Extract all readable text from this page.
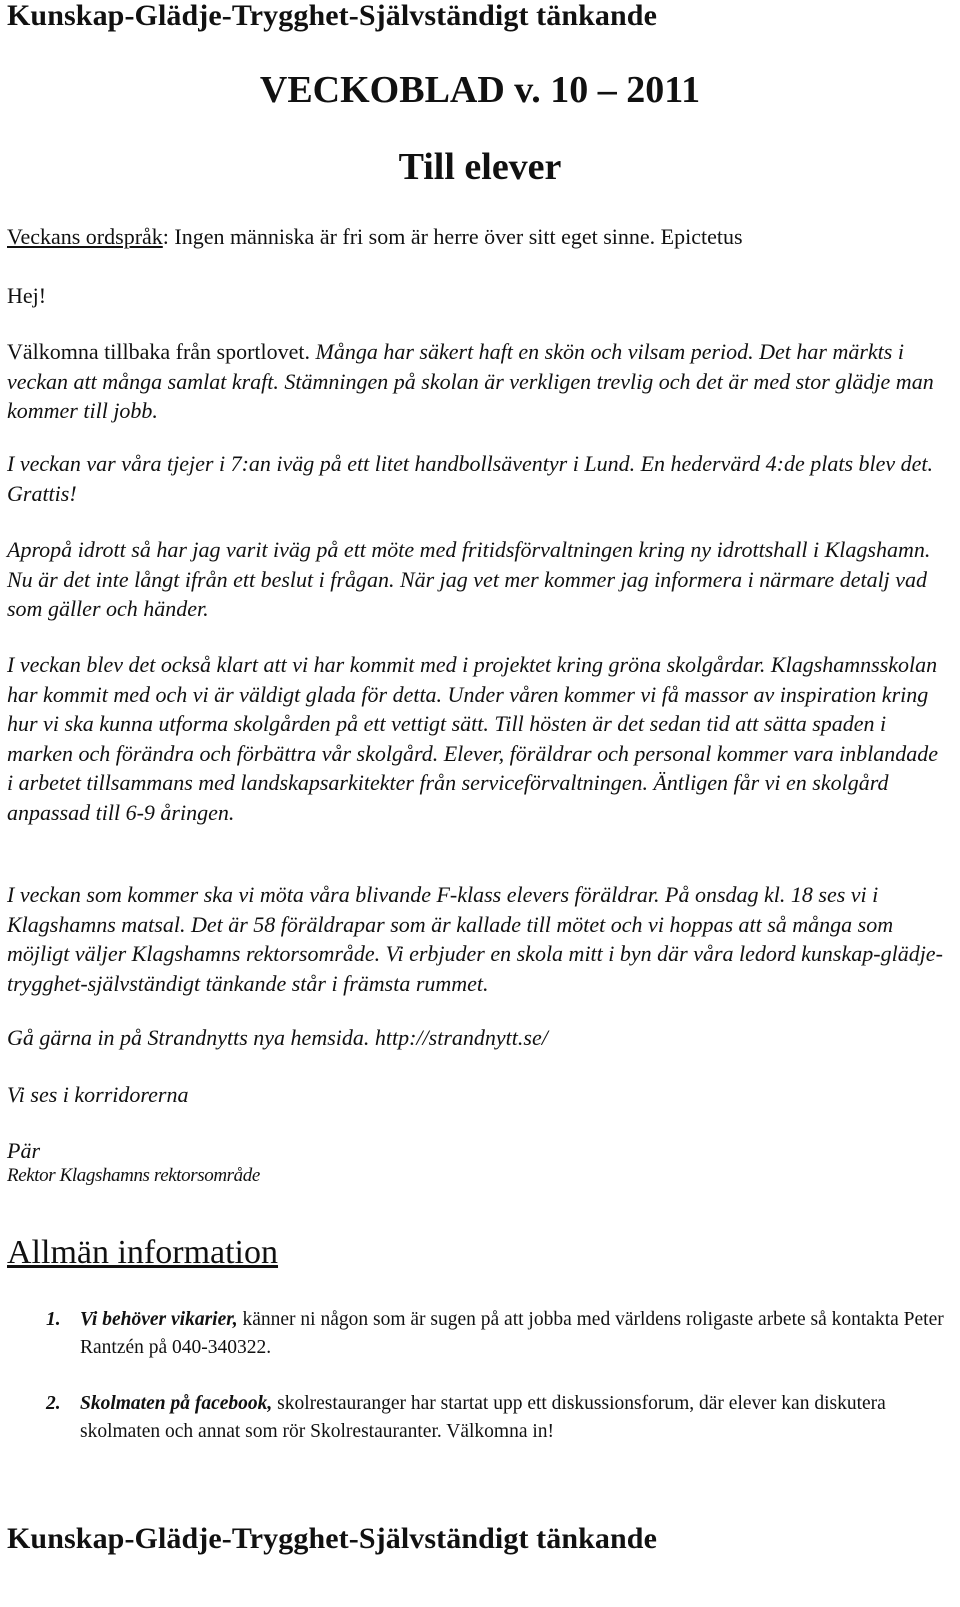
Kunskap-Glädje-Trygghet-Självständigt tänkande
VECKOBLAD v. 10 – 2011
Till elever
Veckans ordspråk: Ingen människa är fri som är herre över sitt eget sinne. Epictetus
Hej!
Välkomna tillbaka från sportlovet. Många har säkert haft en skön och vilsam period. Det har märkts i veckan att många samlat kraft. Stämningen på skolan är verkligen trevlig och det är med stor glädje man kommer till jobb.
I veckan var våra tjejer i 7:an iväg på ett litet handbollsäventyr i Lund. En hedervärd 4:de plats blev det. Grattis!
Apropå idrott så har jag varit iväg på ett möte med fritidsförvaltningen kring ny idrottshall i Klagshamn. Nu är det inte långt ifrån ett beslut i frågan. När jag vet mer kommer jag informera i närmare detalj vad som gäller och händer.
I veckan blev det också klart att vi har kommit med i projektet kring gröna skolgårdar. Klagshamnsskolan har kommit med och vi är väldigt glada för detta. Under våren kommer vi få massor av inspiration kring hur vi ska kunna utforma skolgården på ett vettigt sätt. Till hösten är det sedan tid att sätta spaden i marken och förändra och förbättra vår skolgård. Elever, föräldrar och personal kommer vara inblandade i arbetet tillsammans med landskapsarkitekter från serviceförvaltningen. Äntligen får vi en skolgård anpassad till 6-9 åringen.
I veckan som kommer ska vi möta våra blivande F-klass elevers föräldrar. På onsdag kl. 18 ses vi i Klagshamns matsal. Det är 58 föräldrapar som är kallade till mötet och vi hoppas att så många som möjligt väljer Klagshamns rektorsområde. Vi erbjuder en skola mitt i byn där våra ledord kunskap-glädje-trygghet-självständigt tänkande står i främsta rummet.
Gå gärna in på Strandnytts nya hemsida. http://strandnytt.se/
Vi ses i korridorerna
Pär
Rektor Klagshamns rektorsområde
Allmän information
1. Vi behöver vikarier, känner ni någon som är sugen på att jobba med världens roligaste arbete så kontakta Peter Rantzén på 040-340322.
2. Skolmaten på facebook, skolrestauranger har startat upp ett diskussionsforum, där elever kan diskutera skolmaten och annat som rör Skolrestauranter. Välkomna in!
Kunskap-Glädje-Trygghet-Självständigt tänkande
